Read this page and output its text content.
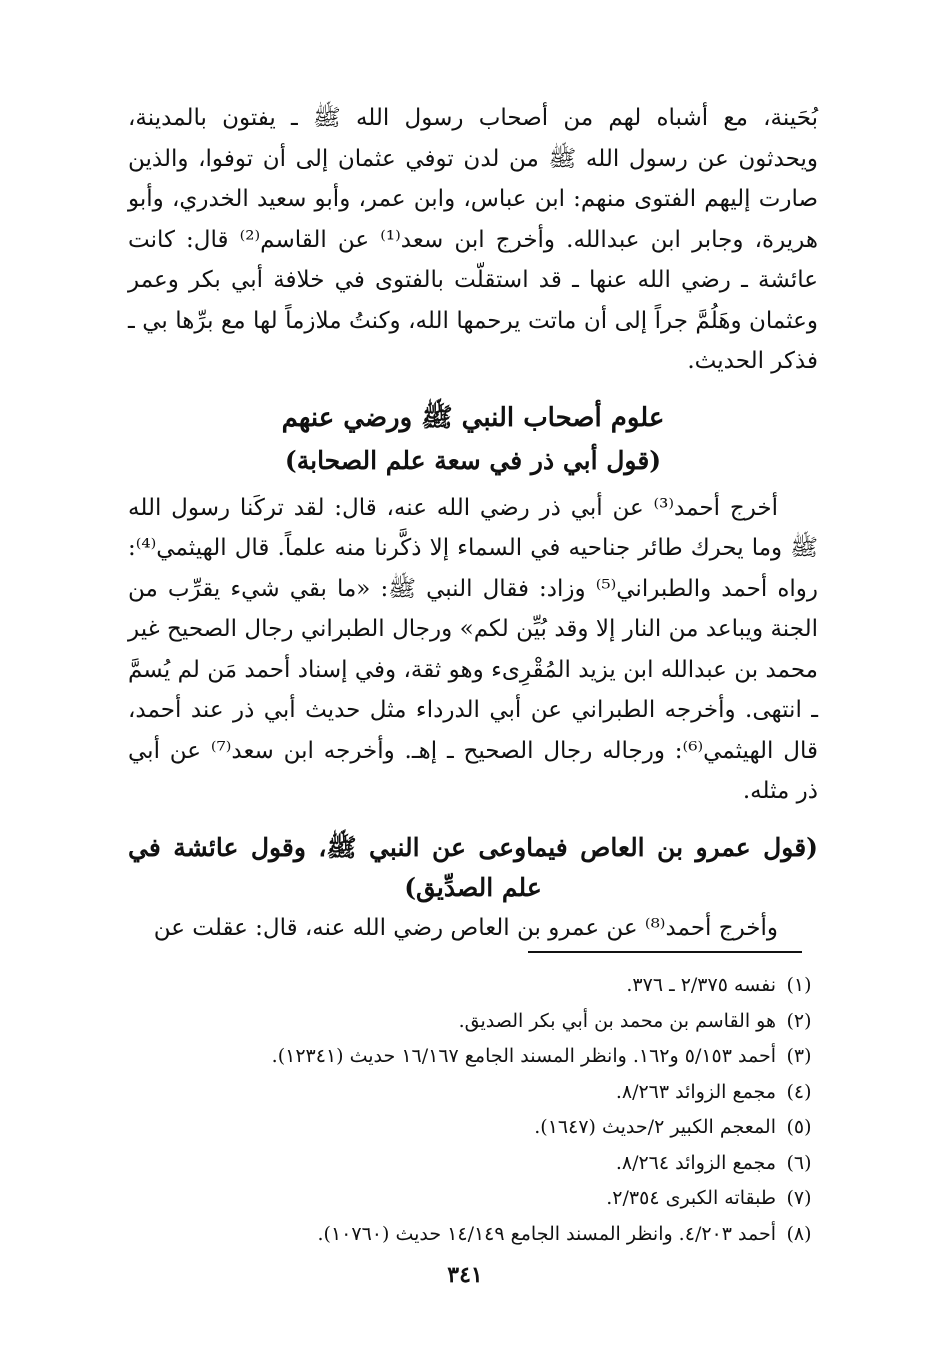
بُحَينة، مع أشباه لهم من أصحاب رسول الله ﷺ ـ يفتون بالمدينة، ويحدثون عن رسول الله ﷺ من لدن توفي عثمان إلى أن توفوا، والذين صارت إليهم الفتوى منهم: ابن عباس، وابن عمر، وأبو سعيد الخدري، وأبو هريرة، وجابر ابن عبدالله. وأخرج ابن سعد⁽¹⁾ عن القاسم⁽²⁾ قال: كانت عائشة ـ رضي الله عنها ـ قد استقلّت بالفتوى في خلافة أبي بكر وعمر وعثمان وهَلُمَّ جراً إلى أن ماتت يرحمها الله، وكنتُ ملازماً لها مع برِّها بي ـ فذكر الحديث.

علوم أصحاب النبي ﷺ ورضي عنهم
(قول أبي ذر في سعة علم الصحابة)

أخرج أحمد⁽³⁾ عن أبي ذر رضي الله عنه، قال: لقد تركَنا رسول الله ﷺ وما يحرك طائر جناحيه في السماء إلا ذكَّرنا منه علماً. قال الهيثمي⁽⁴⁾: رواه أحمد والطبراني⁽⁵⁾ وزاد: فقال النبي ﷺ: «ما بقي شيء يقرِّب من الجنة ويباعد من النار إلا وقد بُيِّن لكم» ورجال الطبراني رجال الصحيح غير محمد بن عبدالله ابن يزيد المُقْرِىء وهو ثقة، وفي إسناد أحمد مَن لم يُسمَّ ـ انتهى. وأخرجه الطبراني عن أبي الدرداء مثل حديث أبي ذر عند أحمد، قال الهيثمي⁽⁶⁾: ورجاله رجال الصحيح ـ إهـ. وأخرجه ابن سعد⁽⁷⁾ عن أبي ذر مثله.

(قول عمرو بن العاص فيماوعى عن النبي ﷺ، وقول عائشة في علم الصدِّيق)

وأخرج أحمد⁽⁸⁾ عن عمرو بن العاص رضي الله عنه، قال: عقلت عن

(١)
نفسه ٢/٣٧٥ ـ ٣٧٦.
(٢)
هو القاسم بن محمد بن أبي بكر الصديق.
(٣)
أحمد ٥/١٥٣ و١٦٢. وانظر المسند الجامع ١٦/١٦٧ حديث (١٢٣٤١).
(٤)
مجمع الزوائد ٨/٢٦٣.
(٥)
المعجم الكبير ٢/حديث (١٦٤٧).
(٦)
مجمع الزوائد ٨/٢٦٤.
(٧)
طبقاته الكبرى ٢/٣٥٤.
(٨)
أحمد ٤/٢٠٣. وانظر المسند الجامع ١٤/١٤٩ حديث (١٠٧٦٠).
٣٤١
